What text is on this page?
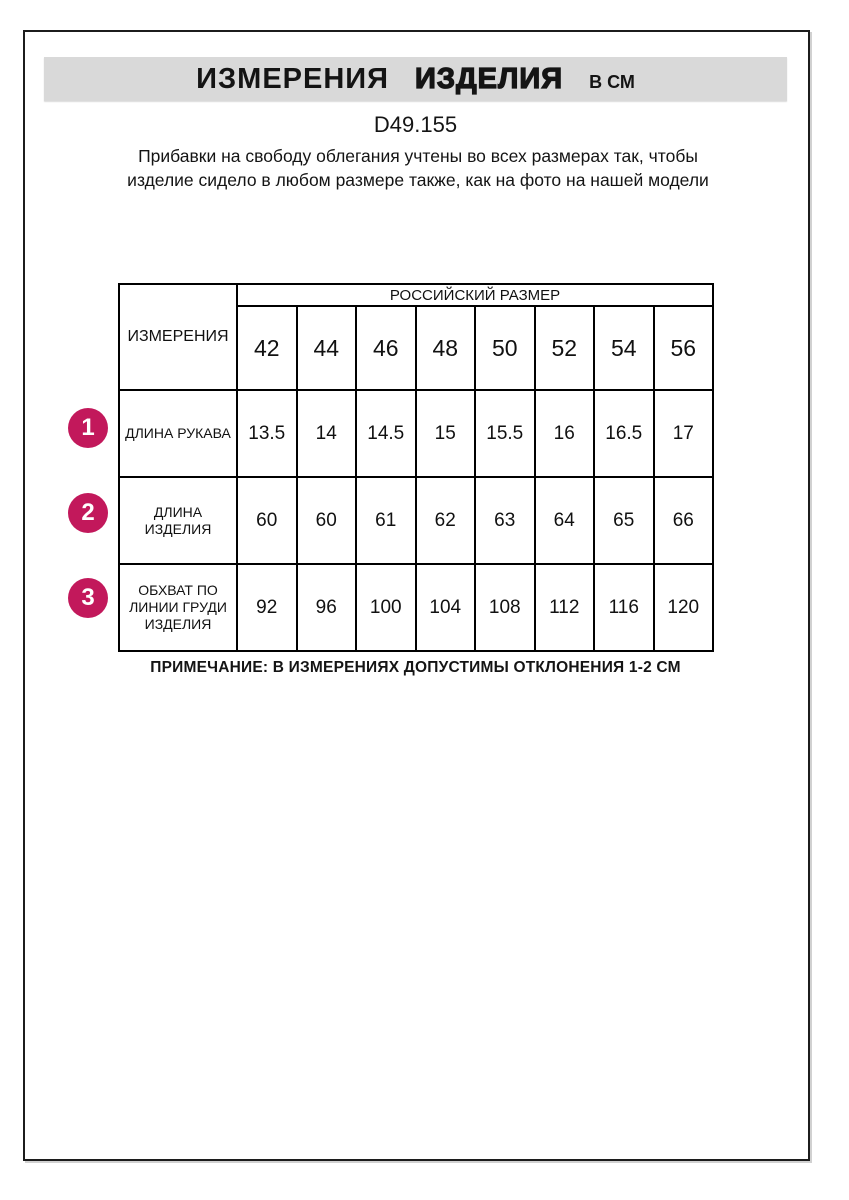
ИЗМЕРЕНИЯ ИЗДЕЛИЯ В СМ
D49.155
Прибавки на свободу облегания учтены во всех размерах так, чтобы изделие сидело в любом размере также, как на фото на нашей модели
ИЗМЕРЕНИЯ	РОССИЙСКИЙ РАЗМЕР							
	42	44	46	48	50	52	54	56
ДЛИНА РУКАВА	13.5	14	14.5	15	15.5	16	16.5	17
ДЛИНА ИЗДЕЛИЯ	60	60	61	62	63	64	65	66
ОБХВАТ ПО ЛИНИИ ГРУДИ ИЗДЕЛИЯ	92	96	100	104	108	112	116	120
1
2
3
ПРИМЕЧАНИЕ: В ИЗМЕРЕНИЯХ ДОПУСТИМЫ ОТКЛОНЕНИЯ 1-2 СМ
